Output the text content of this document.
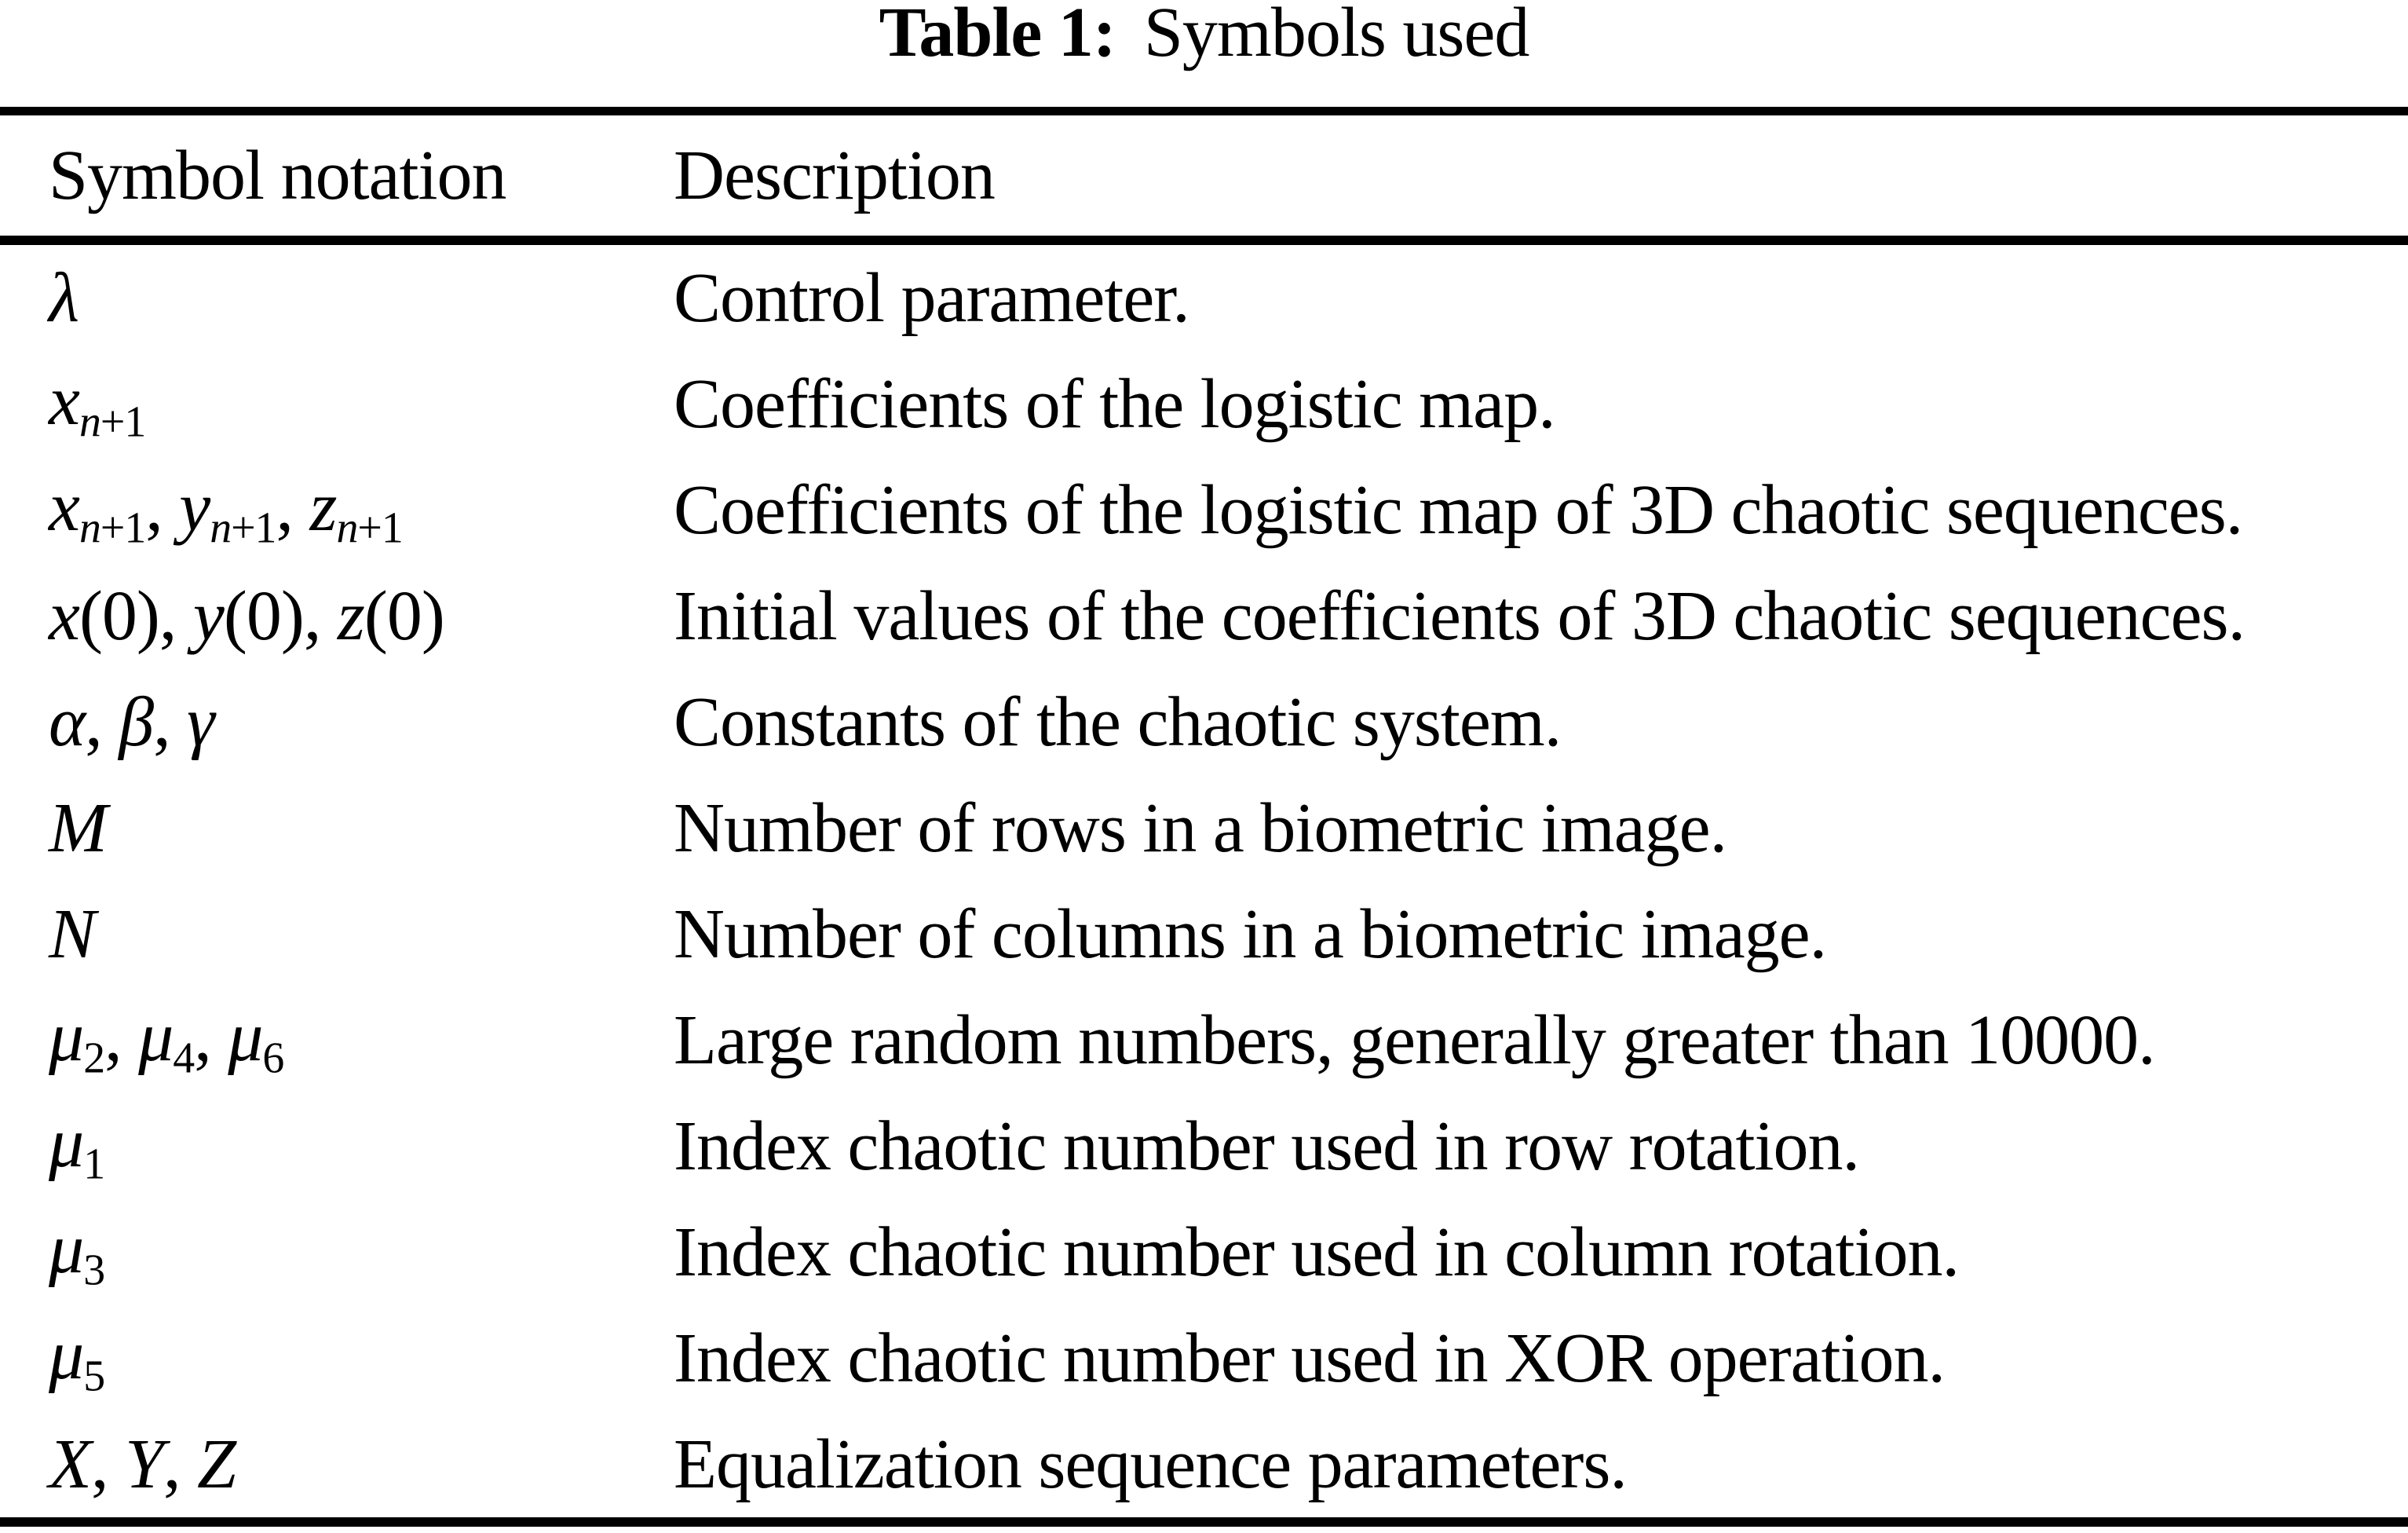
Table 1: Symbols used
Symbol notation	Description
λ	Control parameter.
xn+1	Coefficients of the logistic map.
xn+1, yn+1, zn+1	Coefficients of the logistic map of 3D chaotic sequences.
x(0), y(0), z(0)	Initial values of the coefficients of 3D chaotic sequences.
α, β, γ	Constants of the chaotic system.
M	Number of rows in a biometric image.
N	Number of columns in a biometric image.
μ2, μ4, μ6	Large random numbers, generally greater than 10000.
μ1	Index chaotic number used in row rotation.
μ3	Index chaotic number used in column rotation.
μ5	Index chaotic number used in XOR operation.
X, Y, Z	Equalization sequence parameters.
